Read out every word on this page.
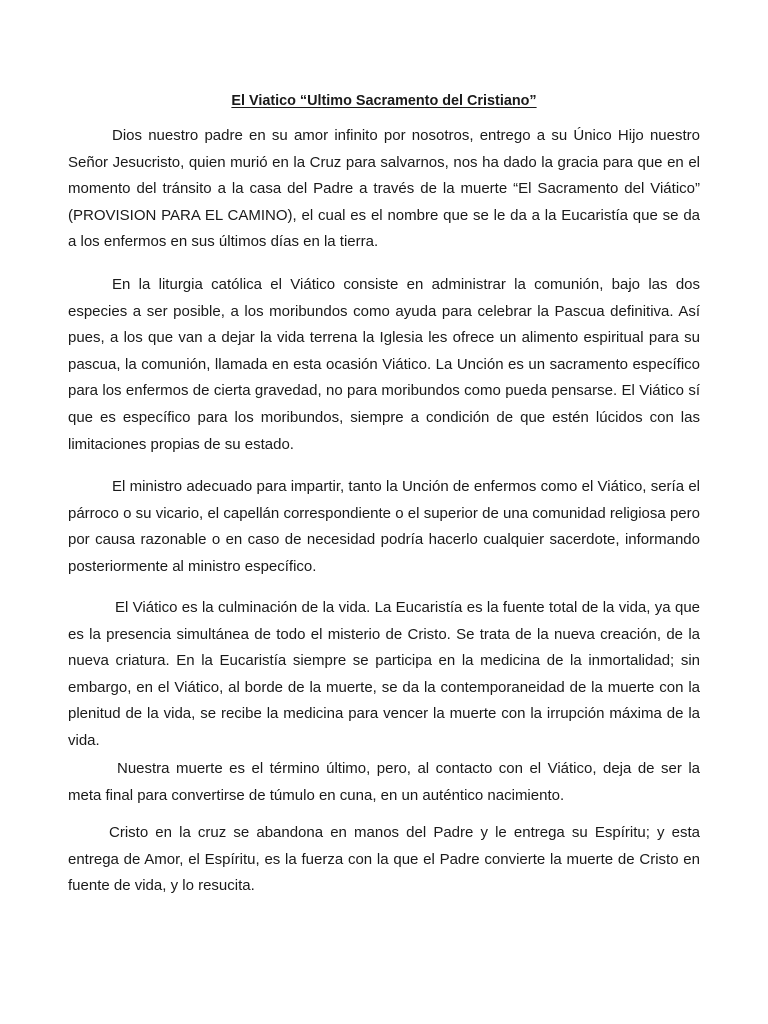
El Viatico “Ultimo Sacramento del Cristiano”

Dios nuestro padre en su amor infinito por nosotros, entrego a su Único Hijo nuestro Señor Jesucristo, quien murió en la Cruz para salvarnos, nos ha dado la gracia para que en el momento del tránsito a la casa del Padre a través de la muerte “El Sacramento del Viático” (PROVISION PARA EL CAMINO), el cual es el nombre que se le da a la Eucaristía que se da a los enfermos en sus últimos días en la tierra.

En la liturgia católica el Viático consiste en administrar la comunión, bajo las dos especies a ser posible, a los moribundos como ayuda para celebrar la Pascua definitiva. Así pues, a los que van a dejar la vida terrena la Iglesia les ofrece un alimento espiritual para su pascua, la comunión, llamada en esta ocasión Viático. La Unción es un sacramento específico para los enfermos de cierta gravedad, no para moribundos como pueda pensarse. El Viático sí que es específico para los moribundos, siempre a condición de que estén lúcidos con las limitaciones propias de su estado.

El ministro adecuado para impartir, tanto la Unción de enfermos como el Viático, sería el párroco o su vicario, el capellán correspondiente o el superior de una comunidad religiosa pero por causa razonable o en caso de necesidad podría hacerlo cualquier sacerdote, informando posteriormente al ministro específico.

El Viático es la culminación de la vida. La Eucaristía es la fuente total de la vida, ya que es la presencia simultánea de todo el misterio de Cristo. Se trata de la nueva creación, de la nueva criatura. En la Eucaristía siempre se participa en la medicina de la inmortalidad; sin embargo, en el Viático, al borde de la muerte, se da la contemporaneidad de la muerte con la plenitud de la vida, se recibe la medicina para vencer la muerte con la irrupción máxima de la vida.

Nuestra muerte es el término último, pero, al contacto con el Viático, deja de ser la meta final para convertirse de túmulo en cuna, en un auténtico nacimiento.

Cristo en la cruz se abandona en manos del Padre y le entrega su Espíritu; y esta entrega de Amor, el Espíritu, es la fuerza con la que el Padre convierte la muerte de Cristo en fuente de vida, y lo resucita.
